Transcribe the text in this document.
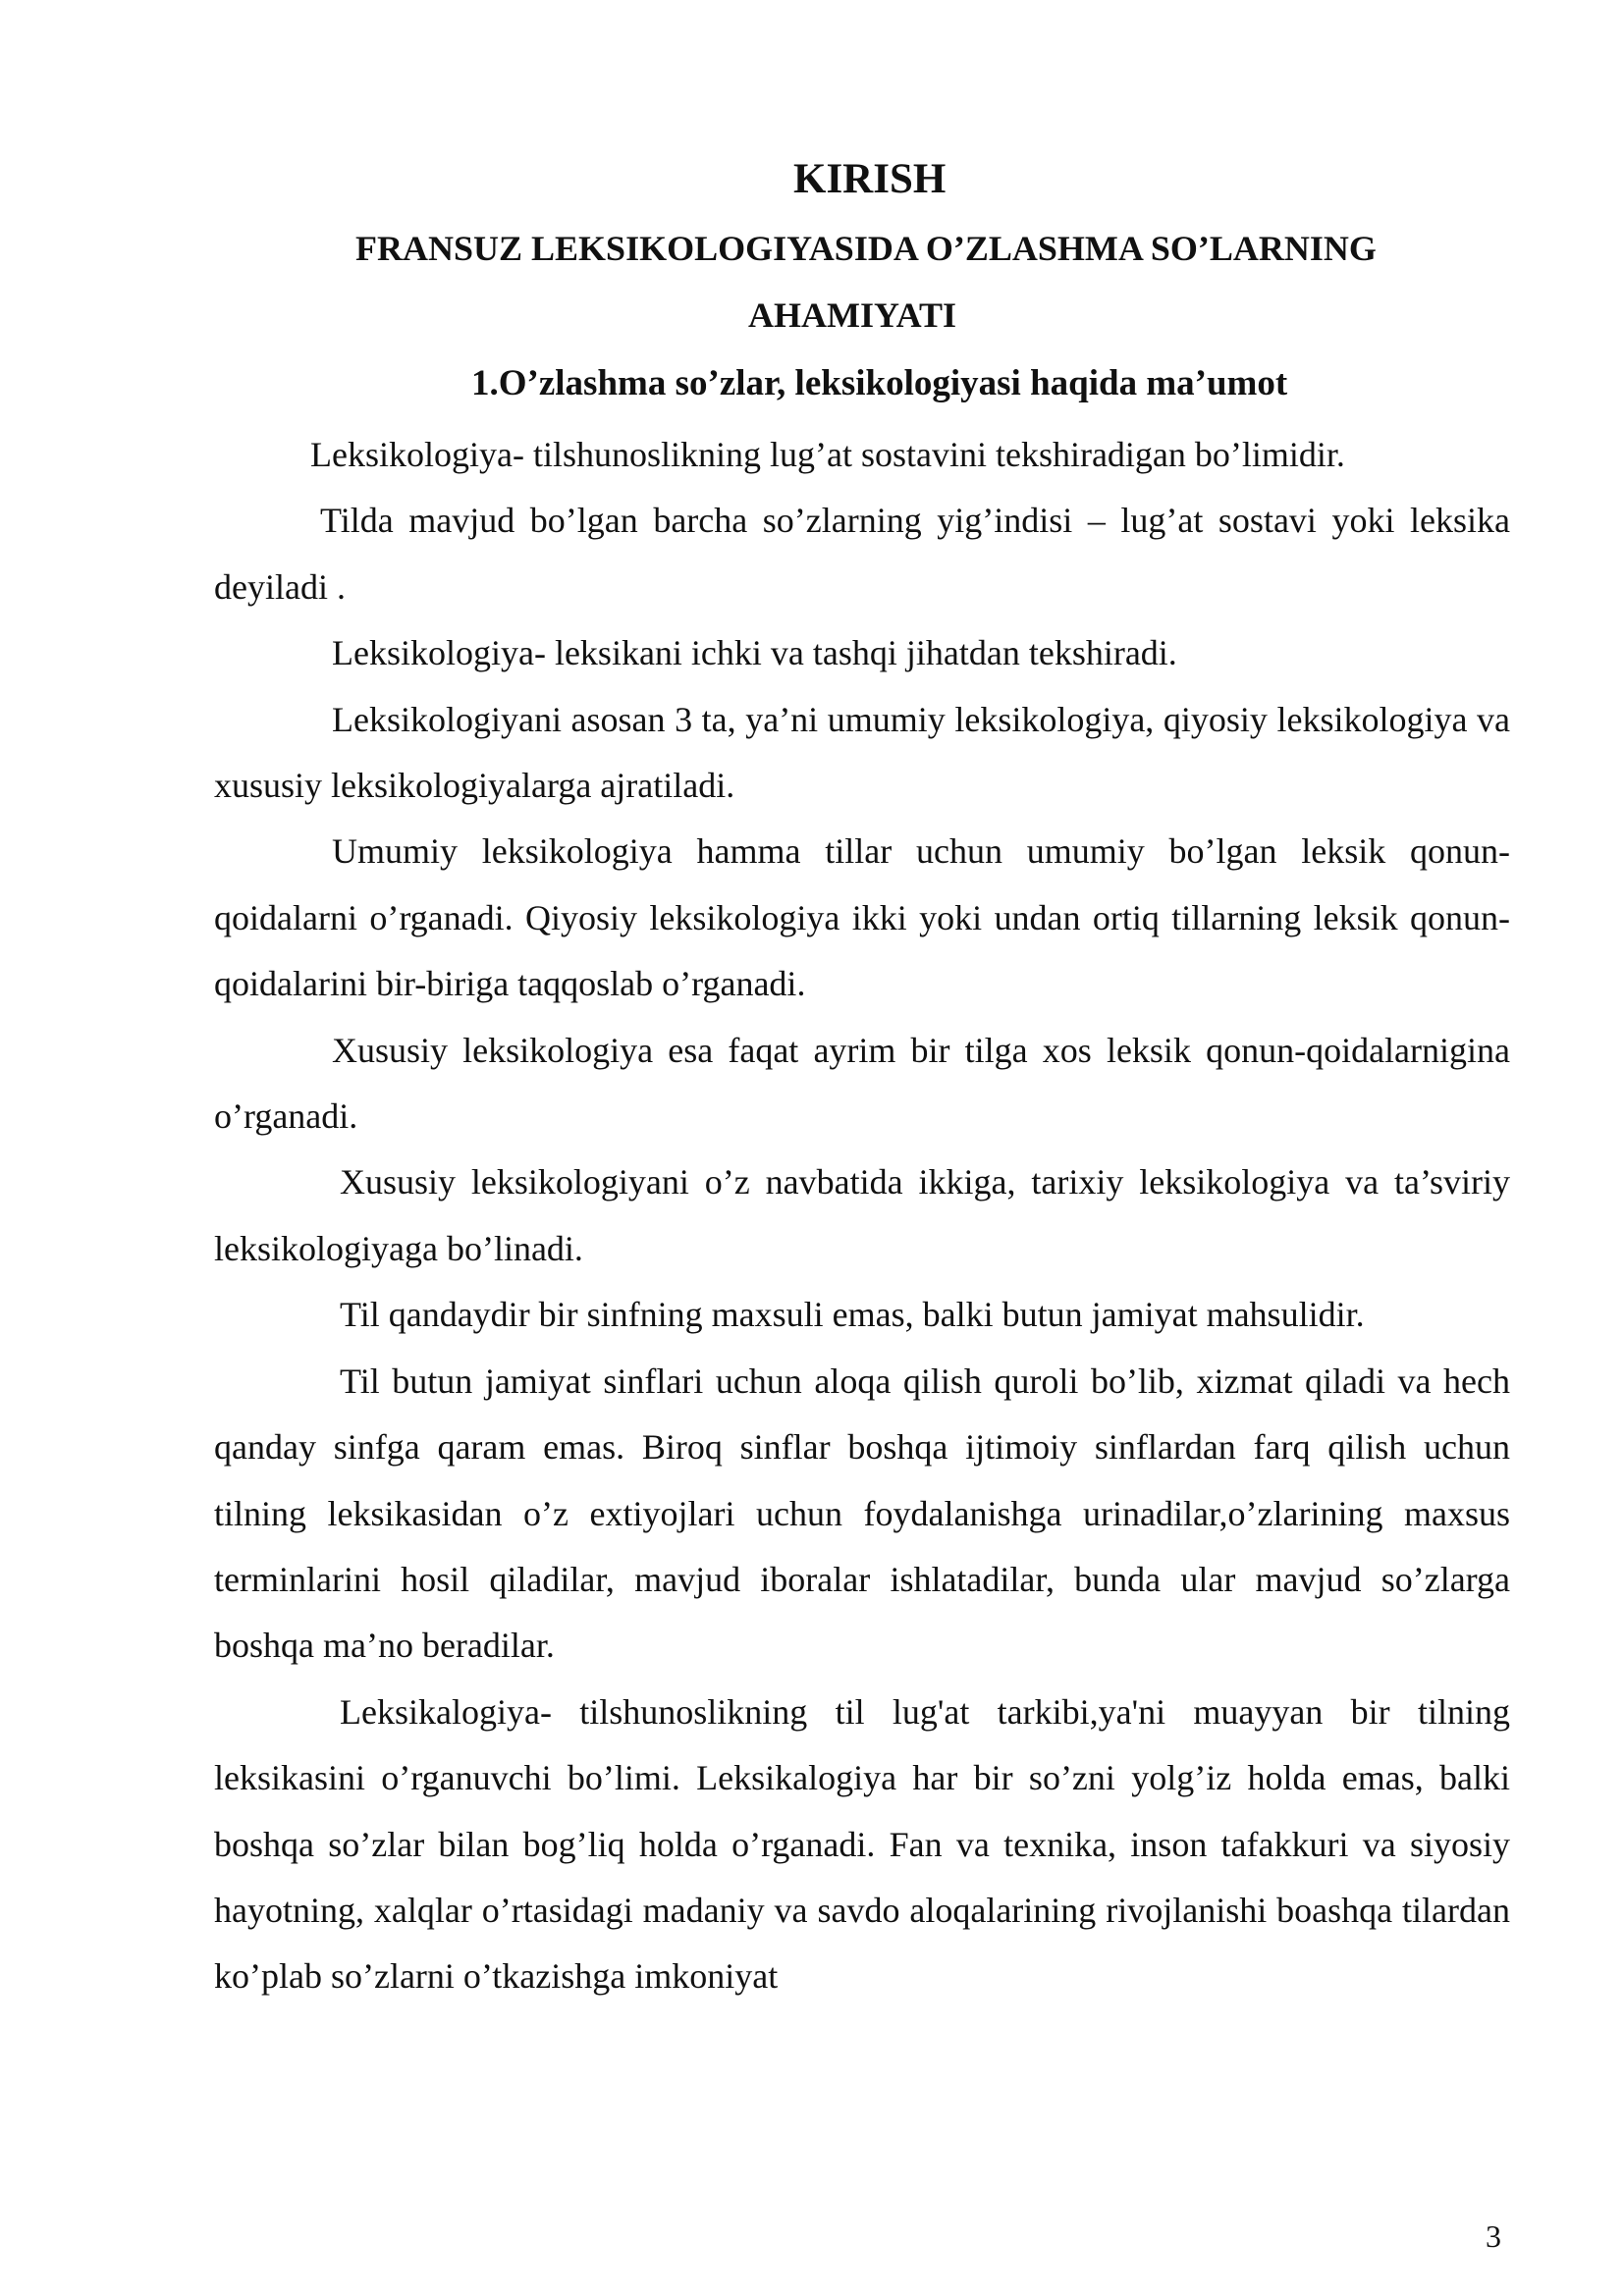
KIRISH
FRANSUZ LEKSIKOLOGIYASIDA O’ZLASHMA SO’LARNING
AHAMIYATI
1.O’zlashma so’zlar, leksikologiyasi haqida ma’umot

Leksikologiya- tilshunoslikning lug’at sostavini tekshiradigan bo’limidir.

Tilda mavjud bo’lgan barcha so’zlarning yig’indisi – lug’at sostavi yoki leksika deyiladi .

Leksikologiya- leksikani ichki va tashqi jihatdan tekshiradi.

Leksikologiyani asosan 3 ta, ya’ni umumiy leksikologiya, qiyosiy leksikologiya va xususiy leksikologiyalarga ajratiladi.

Umumiy leksikologiya hamma tillar uchun umumiy bo’lgan leksik qonun-qoidalarni o’rganadi. Qiyosiy leksikologiya ikki yoki undan ortiq tillarning leksik qonun-qoidalarini bir-biriga taqqoslab o’rganadi.

Xususiy leksikologiya esa faqat ayrim bir tilga xos leksik qonun-qoidalarnigina o’rganadi.

Xususiy leksikologiyani o’z navbatida ikkiga, tarixiy leksikologiya va ta’sviriy leksikologiyaga bo’linadi.

Til qandaydir bir sinfning maxsuli emas, balki butun jamiyat mahsulidir.

Til butun jamiyat sinflari uchun aloqa qilish quroli bo’lib, xizmat qiladi va hech qanday sinfga qaram emas. Biroq sinflar boshqa ijtimoiy sinflardan farq qilish uchun tilning leksikasidan o’z extiyojlari uchun foydalanishga urinadilar,o’zlarining maxsus terminlarini hosil qiladilar, mavjud iboralar ishlatadilar, bunda ular mavjud so’zlarga boshqa ma’no beradilar.

Leksikalogiya- tilshunoslikning til lug'at tarkibi,ya'ni muayyan bir tilning leksikasini o’rganuvchi bo’limi. Leksikalogiya har bir so’zni yolg’iz holda emas, balki boshqa so’zlar bilan bog’liq holda o’rganadi. Fan va texnika, inson tafakkuri va siyosiy hayotning, xalqlar o’rtasidagi madaniy va savdo aloqalarining rivojlanishi boashqa tilardan ko’plab so’zlarni o’tkazishga imkoniyat

3
